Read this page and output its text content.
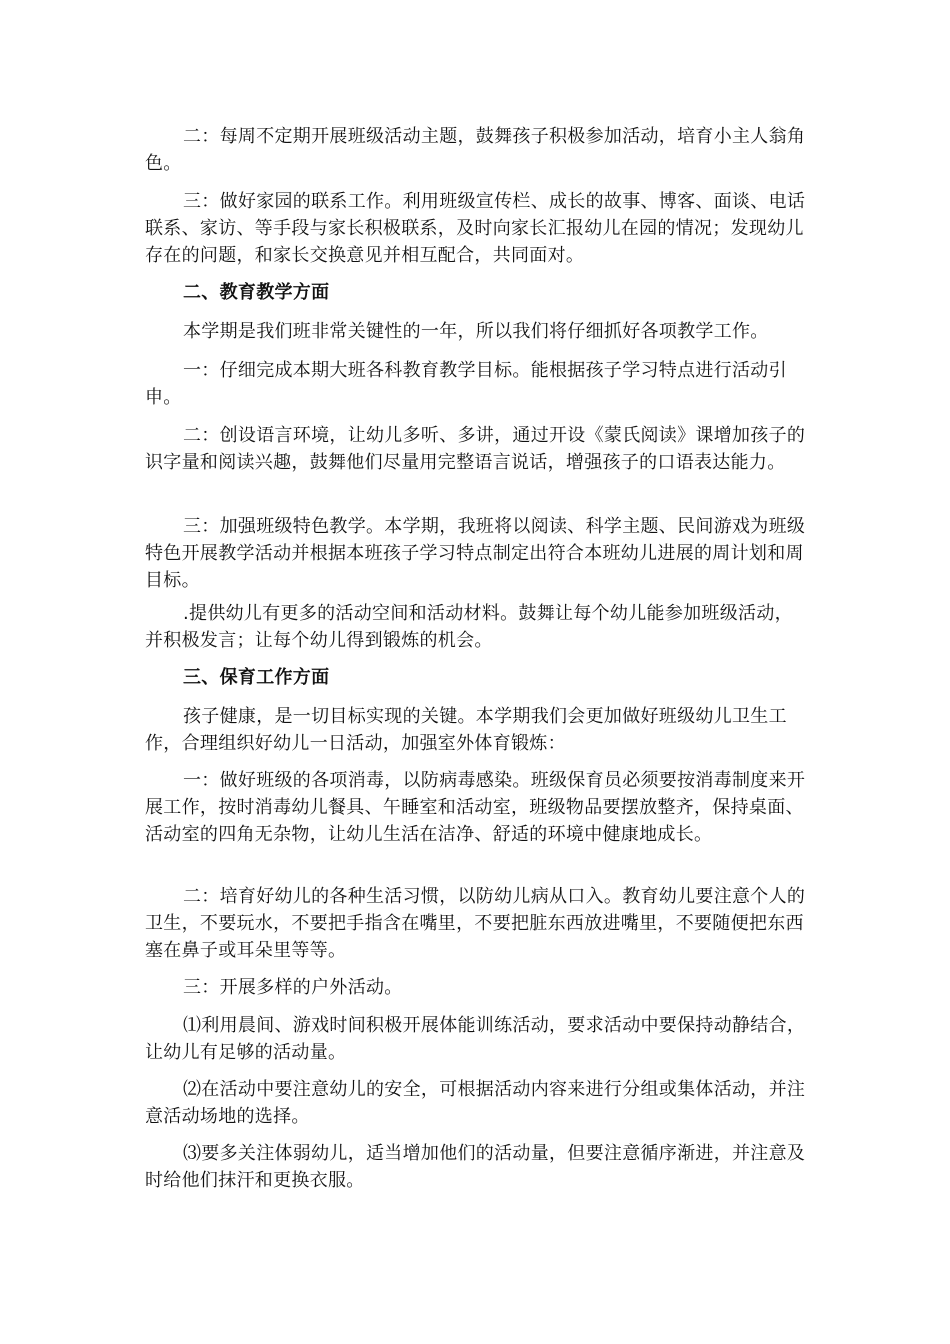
二：每周不定期开展班级活动主题，鼓舞孩子积极参加活动，培育小主人翁角色。

三：做好家园的联系工作。利用班级宣传栏、成长的故事、博客、面谈、电话联系、家访、等手段与家长积极联系，及时向家长汇报幼儿在园的情况；发现幼儿存在的问题，和家长交换意见并相互配合，共同面对。

二、教育教学方面

本学期是我们班非常关键性的一年，所以我们将仔细抓好各项教学工作。

一：仔细完成本期大班各科教育教学目标。能根据孩子学习特点进行活动引申。

二：创设语言环境，让幼儿多听、多讲，通过开设《蒙氏阅读》课增加孩子的识字量和阅读兴趣，鼓舞他们尽量用完整语言说话，增强孩子的口语表达能力。

三：加强班级特色教学。本学期，我班将以阅读、科学主题、民间游戏为班级特色开展教学活动并根据本班孩子学习特点制定出符合本班幼儿进展的周计划和周目标。

.提供幼儿有更多的活动空间和活动材料。鼓舞让每个幼儿能参加班级活动，并积极发言；让每个幼儿得到锻炼的机会。

三、保育工作方面

孩子健康，是一切目标实现的关键。本学期我们会更加做好班级幼儿卫生工作，合理组织好幼儿一日活动，加强室外体育锻炼：

一：做好班级的各项消毒，以防病毒感染。班级保育员必须要按消毒制度来开展工作，按时消毒幼儿餐具、午睡室和活动室，班级物品要摆放整齐，保持桌面、活动室的四角无杂物，让幼儿生活在洁净、舒适的环境中健康地成长。

二：培育好幼儿的各种生活习惯，以防幼儿病从口入。教育幼儿要注意个人的卫生，不要玩水，不要把手指含在嘴里，不要把脏东西放进嘴里，不要随便把东西塞在鼻子或耳朵里等等。

三：开展多样的户外活动。

⑴利用晨间、游戏时间积极开展体能训练活动，要求活动中要保持动静结合，让幼儿有足够的活动量。

⑵在活动中要注意幼儿的安全，可根据活动内容来进行分组或集体活动，并注意活动场地的选择。

⑶要多关注体弱幼儿，适当增加他们的活动量，但要注意循序渐进，并注意及时给他们抹汗和更换衣服。
